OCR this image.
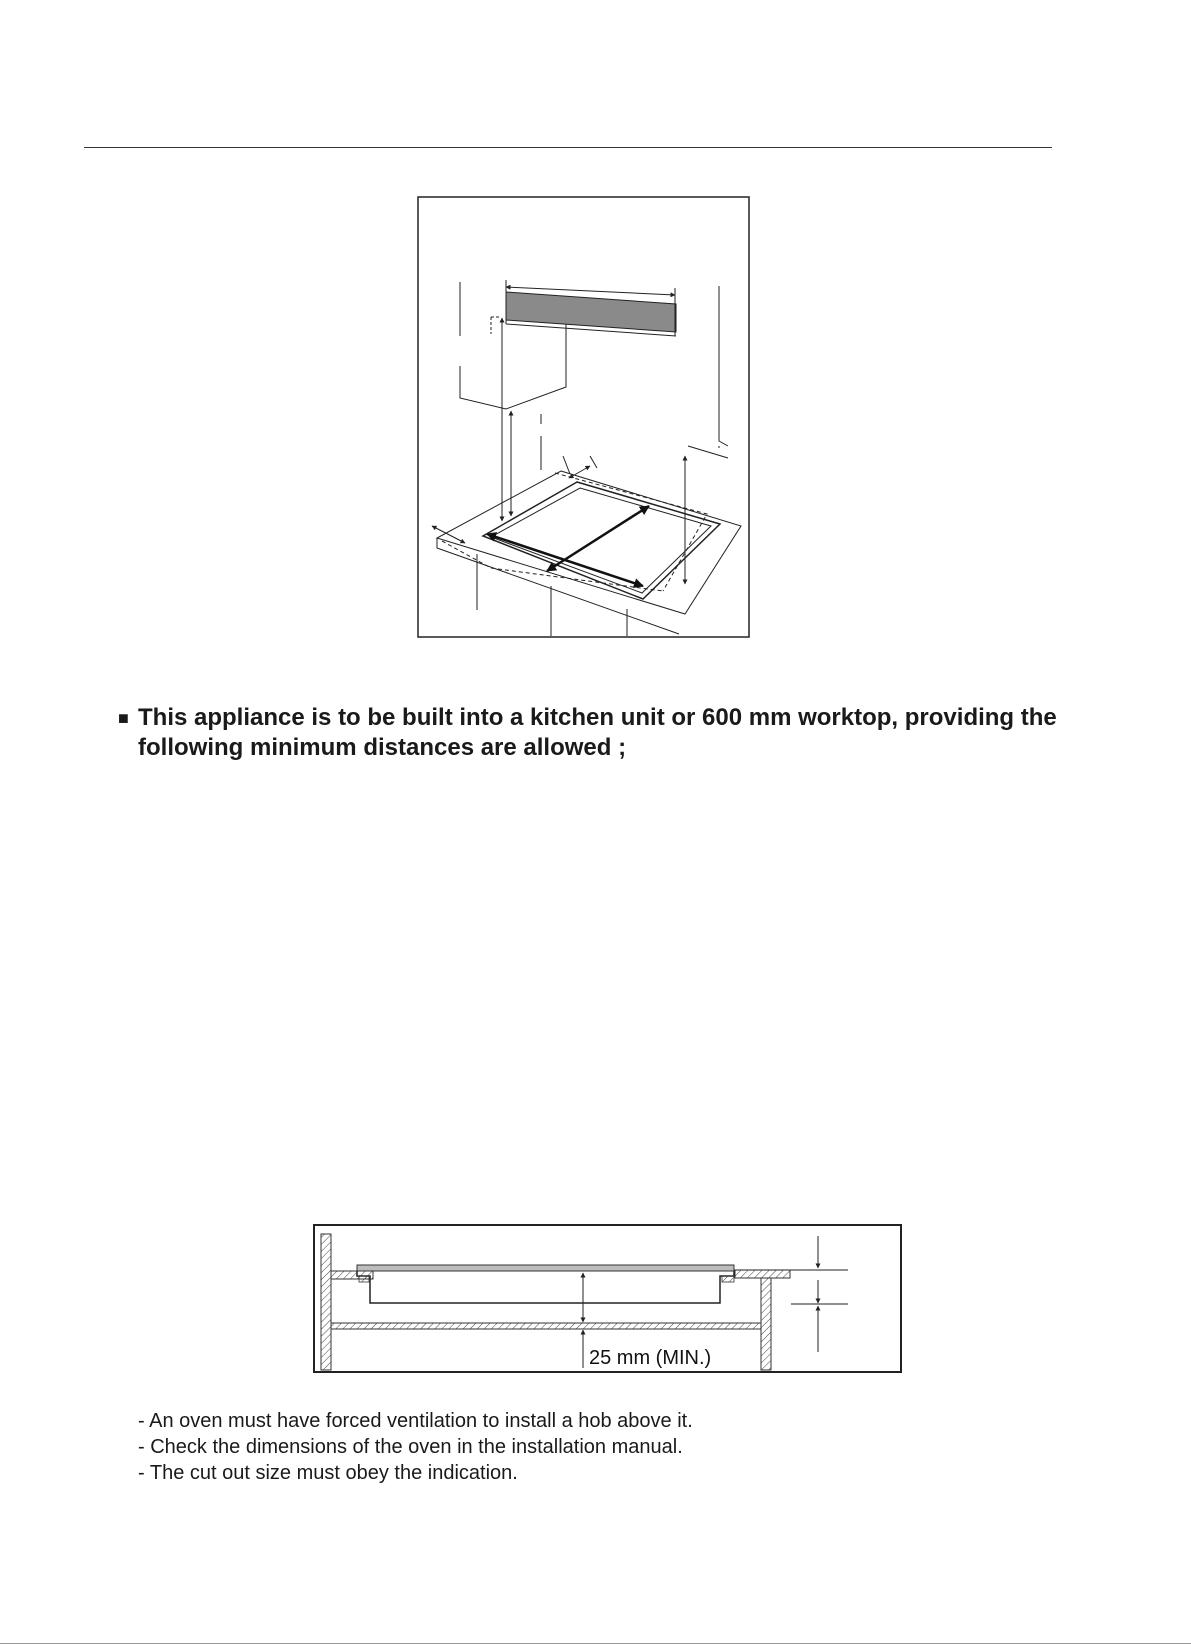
■ This appliance is to be built into a kitchen unit or 600 mm worktop, providing the
following minimum distances are allowed ;
25 mm (MIN.)
- An oven must have forced ventilation to install a hob above it.
- Check the dimensions of the oven in the installation manual.
- The cut out size must obey the indication.
